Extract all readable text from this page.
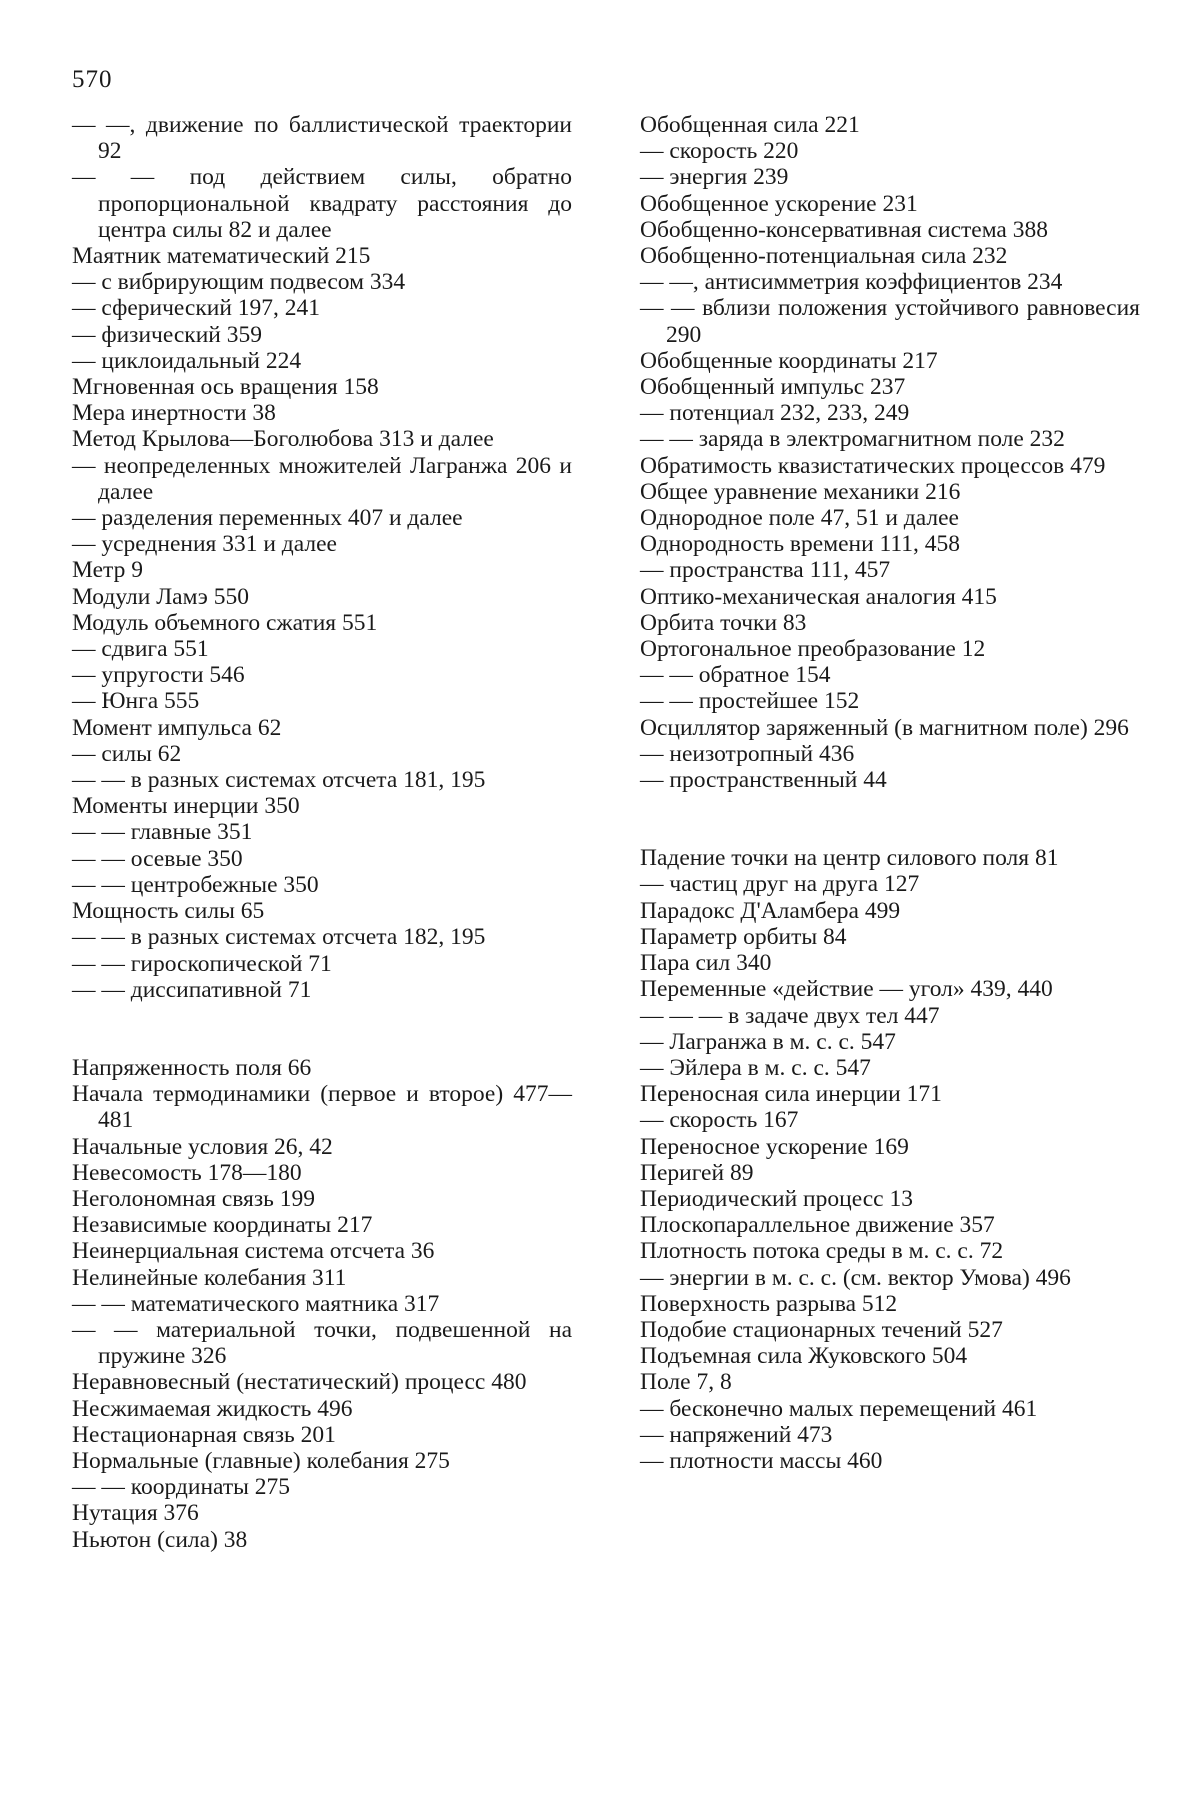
570

— —, движение по баллистической траектории 92

— — под действием силы, обратно пропорциональной квадрату расстояния до центра силы 82 и далее

Маятник математический 215

— с вибрирующим подвесом 334

— сферический 197, 241

— физический 359

— циклоидальный 224

Мгновенная ось вращения 158

Мера инертности 38

Метод Крылова—Боголюбова 313 и далее

— неопределенных множителей Лагранжа 206 и далее

— разделения переменных 407 и далее

— усреднения 331 и далее

Метр 9

Модули Ламэ 550

Модуль объемного сжатия 551

— сдвига 551

— упругости 546

— Юнга 555

Момент импульса 62

— силы 62

— — в разных системах отсчета 181, 195

Моменты инерции 350

— — главные 351

— — осевые 350

— — центробежные 350

Мощность силы 65

— — в разных системах отсчета 182, 195

— — гироскопической 71

— — диссипативной 71

Напряженность поля 66

Начала термодинамики (первое и второе) 477—481

Начальные условия 26, 42

Невесомость 178—180

Неголономная связь 199

Независимые координаты 217

Неинерциальная система отсчета 36

Нелинейные колебания 311

— — математического маятника 317

— — материальной точки, подвешенной на пружине 326

Неравновесный (нестатический) процесс 480

Несжимаемая жидкость 496

Нестационарная связь 201

Нормальные (главные) колебания 275

— — координаты 275

Нутация 376

Ньютон (сила) 38

Обобщенная сила 221

— скорость 220

— энергия 239

Обобщенное ускорение 231

Обобщенно-консервативная система 388

Обобщенно-потенциальная сила 232

— —, антисимметрия коэффициентов 234

— — вблизи положения устойчивого равновесия 290

Обобщенные координаты 217

Обобщенный импульс 237

— потенциал 232, 233, 249

— — заряда в электромагнитном поле 232

Обратимость квазистатических процессов 479

Общее уравнение механики 216

Однородное поле 47, 51 и далее

Однородность времени 111, 458

— пространства 111, 457

Оптико-механическая аналогия 415

Орбита точки 83

Ортогональное преобразование 12

— — обратное 154

— — простейшее 152

Осциллятор заряженный (в магнитном поле) 296

— неизотропный 436

— пространственный 44

Падение точки на центр силового поля 81

— частиц друг на друга 127

Парадокс Д'Аламбера 499

Параметр орбиты 84

Пара сил 340

Переменные «действие — угол» 439, 440

— — — в задаче двух тел 447

— Лагранжа в м. с. с. 547

— Эйлера в м. с. с. 547

Переносная сила инерции 171

— скорость 167

Переносное ускорение 169

Перигей 89

Периодический процесс 13

Плоскопараллельное движение 357

Плотность потока среды в м. с. с. 72

— энергии в м. с. с. (см. вектор Умова) 496

Поверхность разрыва 512

Подобие стационарных течений 527

Подъемная сила Жуковского 504

Поле 7, 8

— бесконечно малых перемещений 461

— напряжений 473

— плотности массы 460
